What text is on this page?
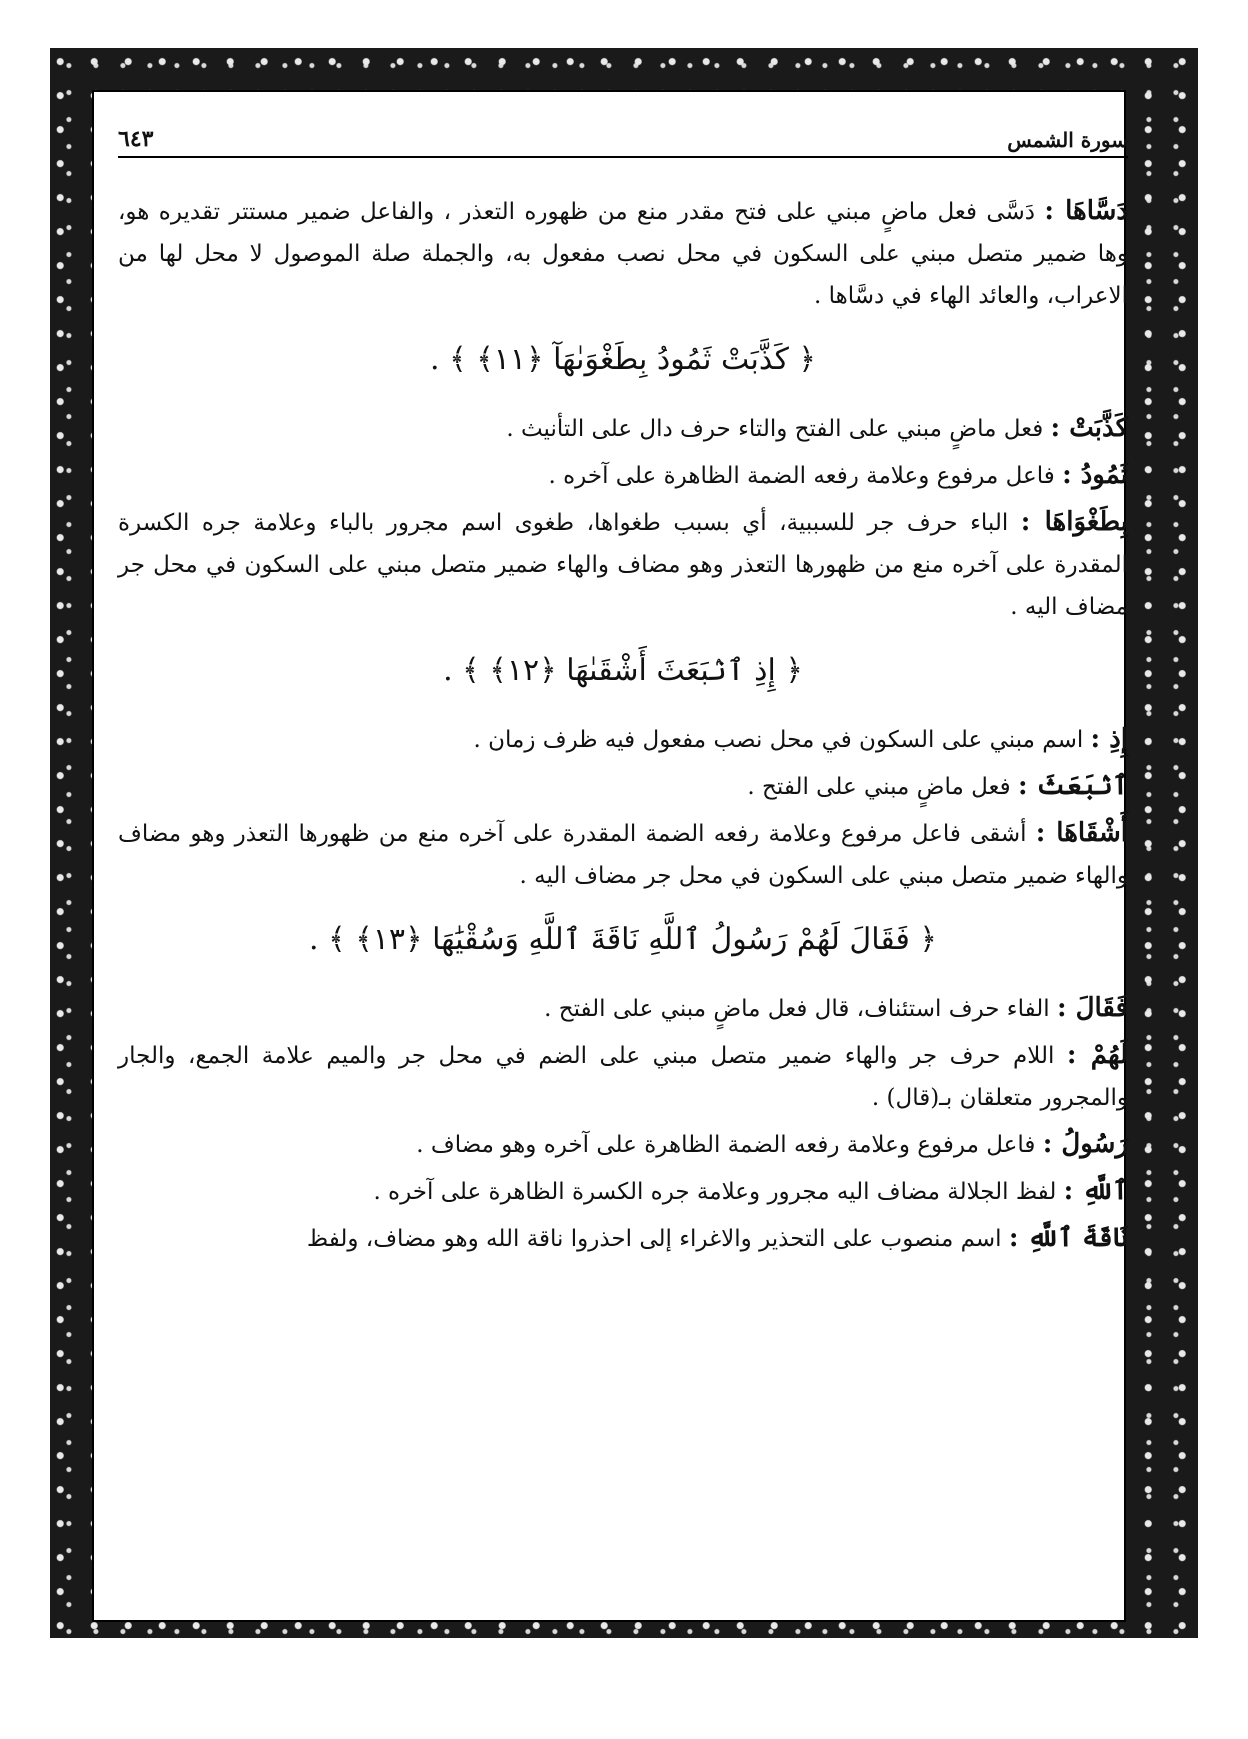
سورة الشمس
٦٤٣

دَسَّاهَا : دَسَّى فعل ماضٍ مبني على فتح مقدر منع من ظهوره التعذر ، والفاعل ضمير مستتر تقديره هو، وها ضمير متصل مبني على السكون في محل نصب مفعول به، والجملة صلة الموصول لا محل لها من الاعراب، والعائد الهاء في دسَّاها .

﴿ كَذَّبَتْ ثَمُودُ بِطَغْوَىٰهَآ ﴿١١﴾ ﴾ .

كَذَّبَتْ : فعل ماضٍ مبني على الفتح والتاء حرف دال على التأنيث .

ثَمُودُ : فاعل مرفوع وعلامة رفعه الضمة الظاهرة على آخره .

بِطَغْوَاهَا : الباء حرف جر للسببية، أي بسبب طغواها، طغوى اسم مجرور بالباء وعلامة جره الكسرة المقدرة على آخره منع من ظهورها التعذر وهو مضاف والهاء ضمير متصل مبني على السكون في محل جر مضاف اليه .

﴿ إِذِ ٱنۢبَعَثَ أَشْقَىٰهَا ﴿١٢﴾ ﴾ .

إِذِ : اسم مبني على السكون في محل نصب مفعول فيه ظرف زمان .

ٱنۢبَعَثَ : فعل ماضٍ مبني على الفتح .

أَشْقَاهَا : أشقى فاعل مرفوع وعلامة رفعه الضمة المقدرة على آخره منع من ظهورها التعذر وهو مضاف والهاء ضمير متصل مبني على السكون في محل جر مضاف اليه .

﴿ فَقَالَ لَهُمْ رَسُولُ ٱللَّهِ نَاقَةَ ٱللَّهِ وَسُقْيَٰهَا ﴿١٣﴾ ﴾ .

فَقَالَ : الفاء حرف استئناف، قال فعل ماضٍ مبني على الفتح .

لَهُمْ : اللام حرف جر والهاء ضمير متصل مبني على الضم في محل جر والميم علامة الجمع، والجار والمجرور متعلقان بـ(قال) .

رَسُولُ : فاعل مرفوع وعلامة رفعه الضمة الظاهرة على آخره وهو مضاف .

ٱللَّهِ : لفظ الجلالة مضاف اليه مجرور وعلامة جره الكسرة الظاهرة على آخره .

نَاقَةَ ٱللَّهِ : اسم منصوب على التحذير والاغراء إلى احذروا ناقة الله وهو مضاف، ولفظ
